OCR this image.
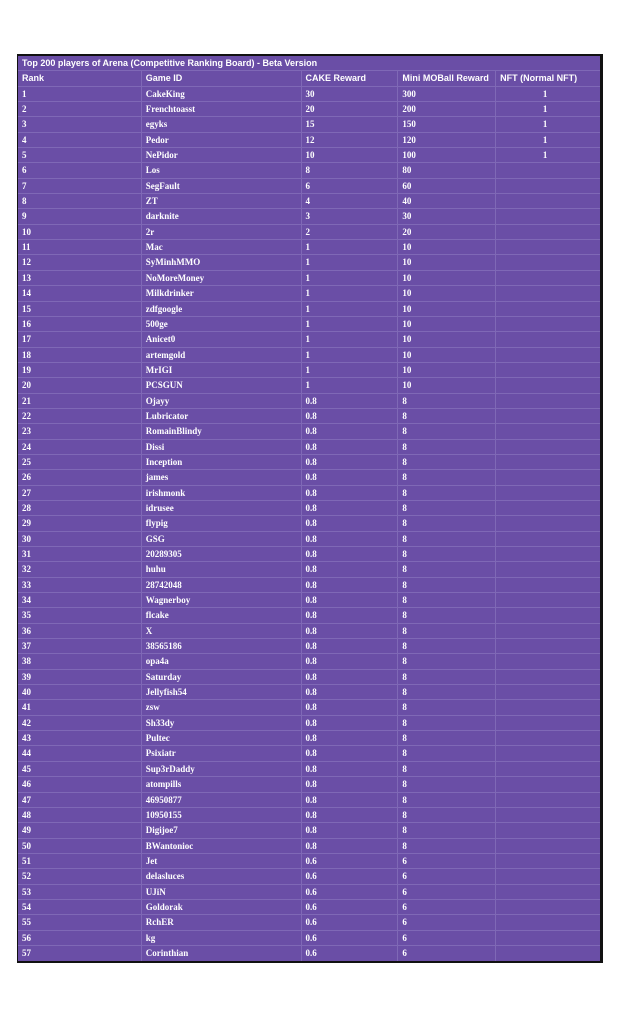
Top 200 players of Arena (Competitive Ranking Board) - Beta Version
Rank	Game ID	CAKE Reward	Mini MOBall Reward	NFT (Normal NFT)
1	CakeKing	30	300	1
2	Frenchtoasst	20	200	1
3	egyks	15	150	1
4	Pedor	12	120	1
5	NePidor	10	100	1
6	Los	8	80
7	SegFault	6	60
8	ZT	4	40
9	darknite	3	30
10	2r	2	20
11	Mac	1	10
12	SyMinhMMO	1	10
13	NoMoreMoney	1	10
14	Milkdrinker	1	10
15	zdfgoogle	1	10
16	500ge	1	10
17	Anicet0	1	10
18	artemgold	1	10
19	MrIGI	1	10
20	PCSGUN	1	10
21	Ojayy	0.8	8
22	Lubricator	0.8	8
23	RomainBlindy	0.8	8
24	Dissi	0.8	8
25	Inception	0.8	8
26	james	0.8	8
27	irishmonk	0.8	8
28	idrusee	0.8	8
29	flypig	0.8	8
30	GSG	0.8	8
31	20289305	0.8	8
32	huhu	0.8	8
33	28742048	0.8	8
34	Wagnerboy	0.8	8
35	flcake	0.8	8
36	X	0.8	8
37	38565186	0.8	8
38	opa4a	0.8	8
39	Saturday	0.8	8
40	Jellyfish54	0.8	8
41	zsw	0.8	8
42	Sh33dy	0.8	8
43	Pultec	0.8	8
44	Psixiatr	0.8	8
45	Sup3rDaddy	0.8	8
46	atompills	0.8	8
47	46950877	0.8	8
48	10950155	0.8	8
49	Digijoe7	0.8	8
50	BWantonioc	0.8	8
51	Jet	0.6	6
52	delasluces	0.6	6
53	UJiN	0.6	6
54	Goldorak	0.6	6
55	RchER	0.6	6
56	kg	0.6	6
57	Corinthian	0.6	6
